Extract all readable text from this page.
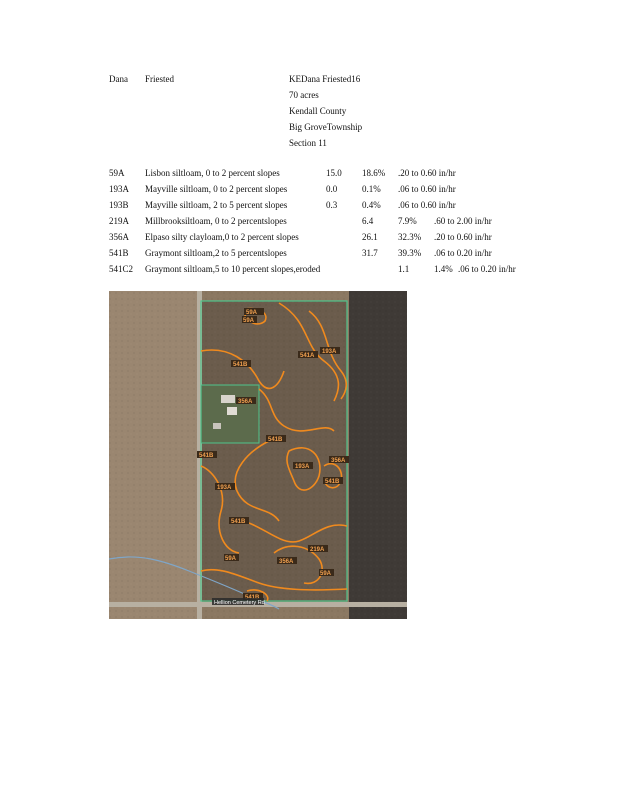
Dana Friested	KEDana Friested16
70 acres
Kendall County
Big GroveTownship
Section 11
59A Lisbon siltloam, 0 to 2 percent slopes	15.0 18.6% .20 to 0.60 in/hr
193A Mayville siltloam, 0 to 2 percent slopes	0.0	0.1% .06 to 0.60 in/hr
193B Mayville siltloam, 2 to 5 percent slopes	0.3	0.4% .06 to 0.60 in/hr
219A Millbrooksiltloam, 0 to 2 percentslopes	6.4	7.9% .60 to 2.00 in/hr
356A Elpaso silty clayloam,0 to 2 percent slopes	26.1 32.3% .20 to 0.60 in/hr
541B Graymont siltloam,2 to 5 percentslopes	31.7 39.3% .06 to 0.20 in/hr
541C2 Graymont siltloam,5 to 10 percent slopes,eroded	1.1	1.4% .06 to 0.20 in/hr
59A
59A
541B
193A
541A
356A
541B
541B
193A
356A
541B
193A
541B
356A
219A
59A
59A
Hellion Cemetery Rd
